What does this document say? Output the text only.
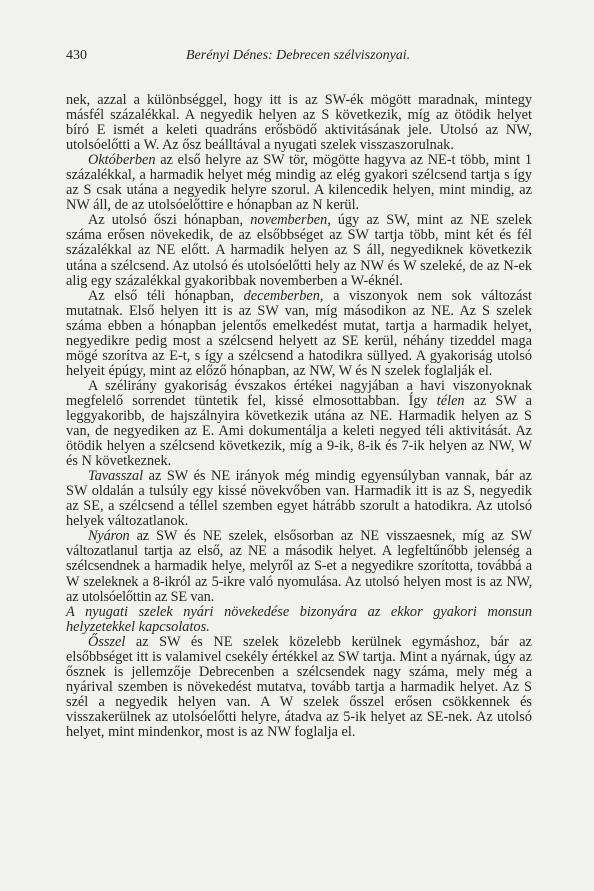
430	Berényi Dénes: Debrecen szélviszonyai.

nek, azzal a különbséggel, hogy itt is az SW-ék mögött maradnak, mintegy másfél százalékkal. A negyedik helyen az S következik, míg az ötödik helyet bíró E ismét a keleti quadráns erősbödő aktivitásának jele. Utolsó az NW, utolsóelőtti a W. Az ősz beálltával a nyugati szelek visszaszorulnak.

Októberben az első helyre az SW tör, mögötte hagyva az NE-t több, mint 1 százalékkal, a harmadik helyet még mindig az elég gyakori szélcsend tartja s így az S csak utána a negyedik helyre szorul. A kilencedik helyen, mint mindig, az NW áll, de az utolsóelőttire e hónapban az N kerül.

Az utolsó őszi hónapban, novemberben, úgy az SW, mint az NE szelek száma erősen növekedik, de az elsőbbséget az SW tartja több, mint két és fél százalékkal az NE előtt. A harmadik helyen az S áll, negyediknek következik utána a szélcsend. Az utolsó és utolsóelőtti hely az NW és W szeleké, de az N-ek alig egy százalékkal gyakoribbak novemberben a W-éknél.

Az első téli hónapban, decemberben, a viszonyok nem sok változást mutatnak. Első helyen itt is az SW van, míg másodikon az NE. Az S szelek száma ebben a hónapban jelentős emelkedést mutat, tartja a harmadik helyet, negyedikre pedig most a szélcsend helyett az SE kerül, néhány tizeddel maga mögé szorítva az E-t, s így a szélcsend a hatodikra süllyed. A gyakoriság utolsó helyeit épúgy, mint az előző hónapban, az NW, W és N szelek foglalják el.

A szélirány gyakoriság évszakos értékei nagyjában a havi viszonyoknak megfelelő sorrendet tüntetik fel, kissé elmosottabban. Így télen az SW a leggyakoribb, de hajszálnyira következik utána az NE. Harmadik helyen az S van, de negyediken az E. Ami dokumentálja a keleti negyed téli aktivitását. Az ötödik helyen a szélcsend következik, míg a 9-ik, 8-ik és 7-ik helyen az NW, W és N következnek.

Tavasszal az SW és NE irányok még mindig egyensúlyban vannak, bár az SW oldalán a tulsúly egy kissé növekvőben van. Harmadik itt is az S, negyedik az SE, a szélcsend a téllel szemben egyet hátrább szorult a hatodikra. Az utolsó helyek változatlanok.

Nyáron az SW és NE szelek, elsősorban az NE visszaesnek, míg az SW változatlanul tartja az első, az NE a második helyet. A legfeltűnőbb jelenség a szélcsendnek a harmadik helye, melyről az S-et a negyedikre szorította, továbbá a W szeleknek a 8-ikról az 5-ikre való nyomulása. Az utolsó helyen most is az NW, az utolsóelőttin az SE van.

A nyugati szelek nyári növekedése bizonyára az ekkor gyakori monsun helyzetekkel kapcsolatos.

Ősszel az SW és NE szelek közelebb kerülnek egymáshoz, bár az elsőbbséget itt is valamivel csekély értékkel az SW tartja. Mint a nyárnak, úgy az ősznek is jellemzője Debrecenben a szélcsendek nagy száma, mely még a nyárival szemben is növekedést mutatva, tovább tartja a harmadik helyet. Az S szél a negyedik helyen van. A W szelek ősszel erősen csökkennek és visszakerülnek az utolsóelőtti helyre, átadva az 5-ik helyet az SE-nek. Az utolsó helyet, mint mindenkor, most is az NW foglalja el.
